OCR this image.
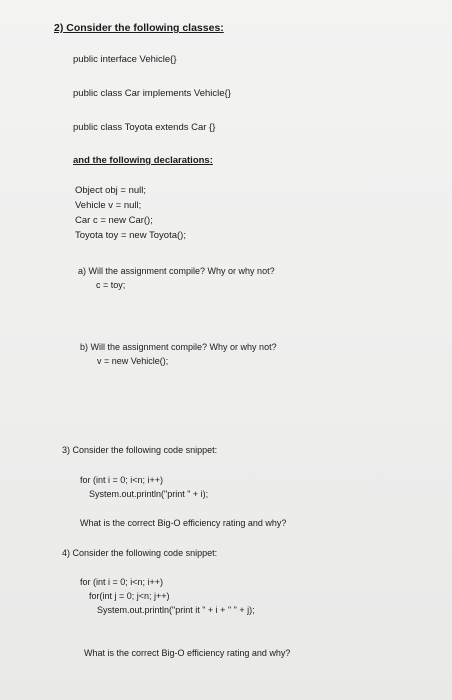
2) Consider the following classes:
public interface Vehicle{}
public class Car implements Vehicle{}
public class Toyota extends Car {}
and the following declarations:
Object obj = null;
Vehicle v = null;
Car c = new Car();
Toyota toy = new Toyota();
a) Will the assignment compile? Why or why not?
c = toy;
b) Will the assignment compile? Why or why not?
v = new Vehicle();
3) Consider the following code snippet:
for (int i = 0; i<n; i++)
System.out.println("print " + i);
What is the correct Big-O efficiency rating and why?
4) Consider the following code snippet:
for (int i = 0; i<n; i++)
for(int j = 0; j<n; j++)
System.out.println("print it " + i + " " + j);
What is the correct Big-O efficiency rating and why?
